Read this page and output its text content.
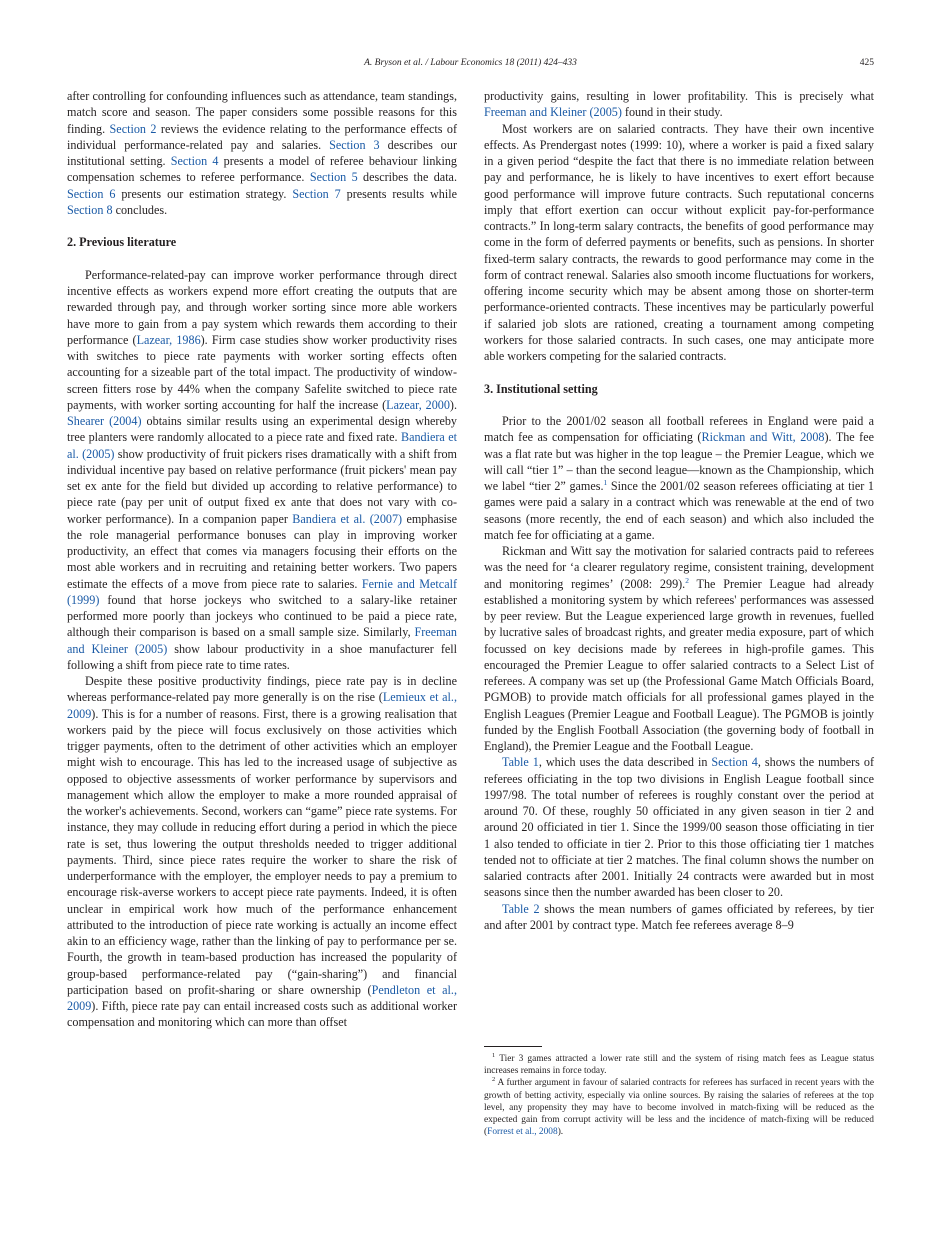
A. Bryson et al. / Labour Economics 18 (2011) 424–433	425

after controlling for confounding influences such as attendance, team standings, match score and season. The paper considers some possible reasons for this finding. Section 2 reviews the evidence relating to the performance effects of individual performance-related pay and salaries. Section 3 describes our institutional setting. Section 4 presents a model of referee behaviour linking compensation schemes to referee performance. Section 5 describes the data. Section 6 presents our estimation strategy. Section 7 presents results while Section 8 concludes.

2. Previous literature

Performance-related-pay can improve worker performance through direct incentive effects as workers expend more effort creating the outputs that are rewarded through pay, and through worker sorting since more able workers have more to gain from a pay system which rewards them according to their performance (Lazear, 1986). Firm case studies show worker productivity rises with switches to piece rate payments with worker sorting effects often accounting for a sizeable part of the total impact. The productivity of window-screen fitters rose by 44% when the company Safelite switched to piece rate payments, with worker sorting accounting for half the increase (Lazear, 2000). Shearer (2004) obtains similar results using an experimental design whereby tree planters were randomly allocated to a piece rate and fixed rate. Bandiera et al. (2005) show productivity of fruit pickers rises dramatically with a shift from individual incentive pay based on relative performance (fruit pickers' mean pay set ex ante for the field but divided up according to relative performance) to piece rate (pay per unit of output fixed ex ante that does not vary with co-worker performance). In a companion paper Bandiera et al. (2007) emphasise the role managerial performance bonuses can play in improving worker productivity, an effect that comes via managers focusing their efforts on the most able workers and in recruiting and retaining better workers. Two papers estimate the effects of a move from piece rate to salaries. Fernie and Metcalf (1999) found that horse jockeys who switched to a salary-like retainer performed more poorly than jockeys who continued to be paid a piece rate, although their comparison is based on a small sample size. Similarly, Freeman and Kleiner (2005) show labour productivity in a shoe manufacturer fell following a shift from piece rate to time rates.

Despite these positive productivity findings, piece rate pay is in decline whereas performance-related pay more generally is on the rise (Lemieux et al., 2009). This is for a number of reasons. First, there is a growing realisation that workers paid by the piece will focus exclusively on those activities which trigger payments, often to the detriment of other activities which an employer might wish to encourage. This has led to the increased usage of subjective as opposed to objective assessments of worker performance by supervisors and management which allow the employer to make a more rounded appraisal of the worker's achievements. Second, workers can “game” piece rate systems. For instance, they may collude in reducing effort during a period in which the piece rate is set, thus lowering the output thresholds needed to trigger additional payments. Third, since piece rates require the worker to share the risk of underperformance with the employer, the employer needs to pay a premium to encourage risk-averse workers to accept piece rate payments. Indeed, it is often unclear in empirical work how much of the performance enhancement attributed to the introduction of piece rate working is actually an income effect akin to an efficiency wage, rather than the linking of pay to performance per se. Fourth, the growth in team-based production has increased the popularity of group-based performance-related pay (“gain-sharing”) and financial participation based on profit-sharing or share ownership (Pendleton et al., 2009). Fifth, piece rate pay can entail increased costs such as additional worker compensation and monitoring which can more than offset

productivity gains, resulting in lower profitability. This is precisely what Freeman and Kleiner (2005) found in their study.

Most workers are on salaried contracts. They have their own incentive effects. As Prendergast notes (1999: 10), where a worker is paid a fixed salary in a given period “despite the fact that there is no immediate relation between pay and performance, he is likely to have incentives to exert effort because good performance will improve future contracts. Such reputational concerns imply that effort exertion can occur without explicit pay-for-performance contracts.” In long-term salary contracts, the benefits of good performance may come in the form of deferred payments or benefits, such as pensions. In shorter fixed-term salary contracts, the rewards to good performance may come in the form of contract renewal. Salaries also smooth income fluctuations for workers, offering income security which may be absent among those on shorter-term performance-oriented contracts. These incentives may be particularly powerful if salaried job slots are rationed, creating a tournament among competing workers for those salaried contracts. In such cases, one may anticipate more able workers competing for the salaried contracts.

3. Institutional setting

Prior to the 2001/02 season all football referees in England were paid a match fee as compensation for officiating (Rickman and Witt, 2008). The fee was a flat rate but was higher in the top league – the Premier League, which we will call “tier 1” – than the second league—known as the Championship, which we label “tier 2” games.$^1$ Since the 2001/02 season referees officiating at tier 1 games were paid a salary in a contract which was renewable at the end of two seasons (more recently, the end of each season) and which also included the match fee for officiating at a game.

Rickman and Witt say the motivation for salaried contracts paid to referees was the need for ‘a clearer regulatory regime, consistent training, development and monitoring regimes’ (2008: 299).$^2$ The Premier League had already established a monitoring system by which referees' performances was assessed by peer review. But the League experienced large growth in revenues, fuelled by lucrative sales of broadcast rights, and greater media exposure, part of which focussed on key decisions made by referees in high-profile games. This encouraged the Premier League to offer salaried contracts to a Select List of referees. A company was set up (the Professional Game Match Officials Board, PGMOB) to provide match officials for all professional games played in the English Leagues (Premier League and Football League). The PGMOB is jointly funded by the English Football Association (the governing body of football in England), the Premier League and the Football League.

Table 1, which uses the data described in Section 4, shows the numbers of referees officiating in the top two divisions in English League football since 1997/98. The total number of referees is roughly constant over the period at around 70. Of these, roughly 50 officiated in any given season in tier 2 and around 20 officiated in tier 1. Since the 1999/00 season those officiating in tier 1 also tended to officiate in tier 2. Prior to this those officiating tier 1 matches tended not to officiate at tier 2 matches. The final column shows the number on salaried contracts after 2001. Initially 24 contracts were awarded but in most seasons since then the number awarded has been closer to 20.

Table 2 shows the mean numbers of games officiated by referees, by tier and after 2001 by contract type. Match fee referees average 8–9

$^1$ Tier 3 games attracted a lower rate still and the system of rising match fees as League status increases remains in force today.

$^2$ A further argument in favour of salaried contracts for referees has surfaced in recent years with the growth of betting activity, especially via online sources. By raising the salaries of referees at the top level, any propensity they may have to become involved in match-fixing will be reduced as the expected gain from corrupt activity will be less and the incidence of match-fixing will be reduced (Forrest et al., 2008).
